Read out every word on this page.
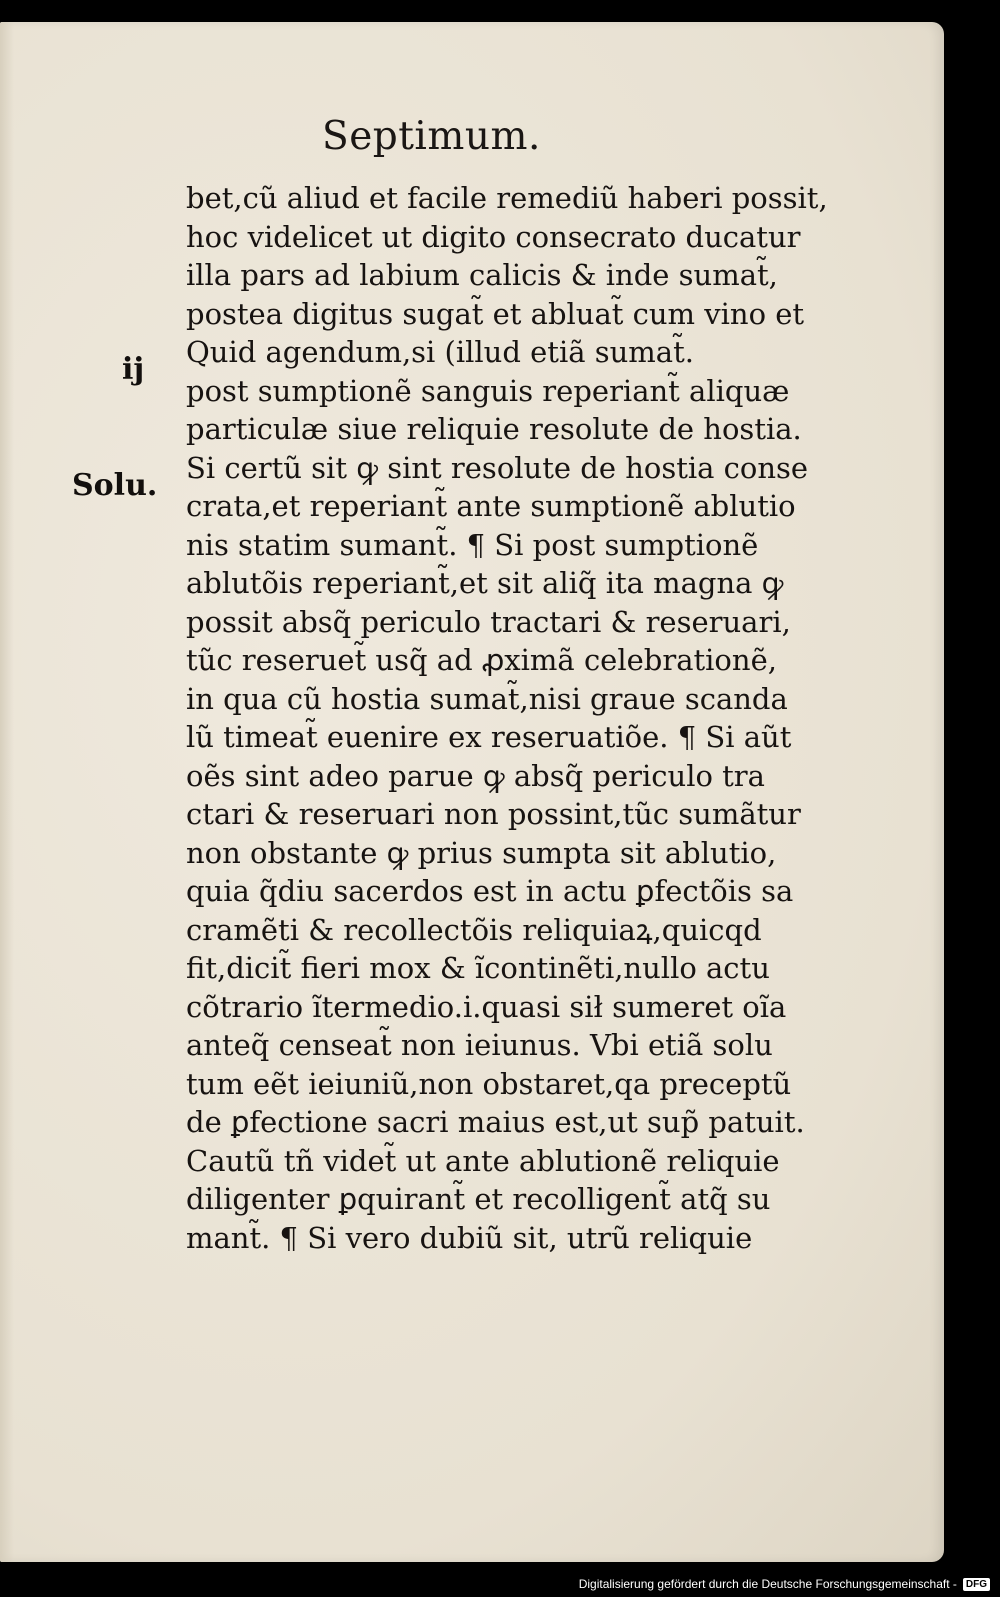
Septimum.
ij
Solu.
bet,cũ aliud et facile remediũ haberi possit,
hoc videlicet ut digito consecrato ducatur
illa pars ad labium calicis & inde sumat̃,
postea digitus sugat̃ et abluat̃ cum vino et
Quid agendum,si (illud etiã sumat̃.
post sumptionẽ sanguis reperiant̃ aliquæ
particulæ siue reliquie resolute de hostia.
Si certũ sit ꝙ sint resolute de hostia conse
crata,et reperiant̃ ante sumptionẽ ablutio
nis statim sumant̃. ¶ Si post sumptionẽ
ablutõis reperiant̃,et sit aliq̃ ita magna ꝙ
possit absq̃ periculo tractari & reseruari,
tũc reseruet̃ usq̃ ad ꝓximã celebrationẽ,
in qua cũ hostia sumat̃,nisi graue scanda
lũ timeat̃ euenire ex reseruatiõe. ¶ Si aũt
oẽs sint adeo parue ꝙ absq̃ periculo tra
ctari & reseruari non possint,tũc sumãtur
non obstante ꝙ prius sumpta sit ablutio,
quia q̃diu sacerdos est in actu ꝑfectõis sa
cramẽti & recollectõis reliquiaꝝ,quicqd
fit,dicit̃ fieri mox & ĩcontinẽti,nullo actu
cõtrario ĩtermedio.i.quasi sił sumeret oĩa
anteq̃ censeat̃ non ieiunus. Vbi etiã solu
tum eẽt ieiuniũ,non obstaret,qa preceptũ
de ꝑfectione sacri maius est,ut sup̃ patuit.
Cautũ tñ videt̃ ut ante ablutionẽ reliquie
diligenter ꝑquirant̃ et recolligent̃ atq̃ su
mant̃. ¶ Si vero dubiũ sit, utrũ reliquie
Digitalisierung gefördert durch die Deutsche Forschungsgemeinschaft - DFG
